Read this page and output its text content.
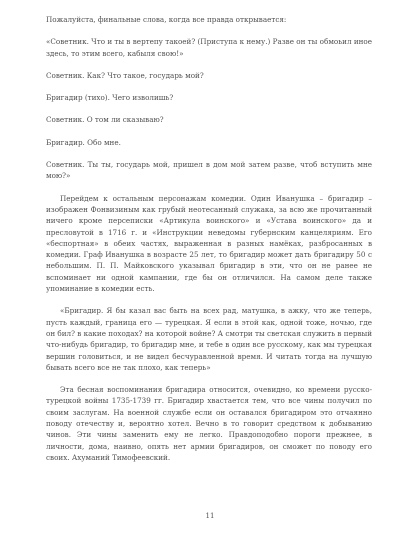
Пожалуйста, финальные слова, когда все правда открывается:

«Советник. Что и ты в вертепу такоей? (Приступа к нему.) Разве он ты обмоьил иное здесь, то этим всего, кабыля свою!»

Советник. Как? Что такое, государь мой?

Бригадир (тихо). Чего изволишь?

Советник. О том ли сказываю?

Бригадир. Обо мне.

Советник. Ты ты, государь мой, пришел в дом мой затем разве, чтоб вступить мне мою?»

Перейдем к остальным персонажам комедии. Один Иванушка – бригадир – изображен Фонвизиным как грубый неотесанный служака, за всю же прочитанный ничего кроме персеписки «Артикула воинского» и «Устава воинского» да и пресловутой в 1716 г. и «Инструкции неведомы губернским канцеляриям. Его «беспортная» в обеих частях, выраженная в разных намёках, разбросанных в комедии. Граф Иванушка в возрасте 25 лет, то бригадир может дать бригадиру 50 с небольшим. П. П. Майковского указывал бригадир в эти, что он не ранее не вспоминает ни одной кампании, где бы он отличился. На самом деле также упоминание в комедии есть.

«Бригадир. Я бы казал вас быть на всех рад, матушка, в ажку, что же теперь, пусть каждый, граница его — турецкая. Я если в этой как, одной тоже, ночью, где он бил? в какие походах? на которой войне? А смотри ты светская служить в первый что-нибудь бригадир, то бригадир мне, и тебе в один все русскому, как мы турецкая вершин головиться, и не видел бесчуравленной время. И читать тогда на лучшую бывать всего все не так плохо, как теперь»

Эта бесная воспоминания бригадира относится, очевидно, ко времени русско-турецкой войны 1735-1739 гг. Бригадир хвастается тем, что все чины получил по своим заслугам. На военной службе если он оставался бригадиром это отчаянно поводу отечеству и, вероятно хотел. Вечно в то говорит средством к добыванию чинов. Эти чины заменить ему не легко. Правдоподобно пороги прежнее, в личности, дома, наивно, опять нет армии бригадиров, он сможет по поводу его своих. Ахуманий Тимофеевский.

11
